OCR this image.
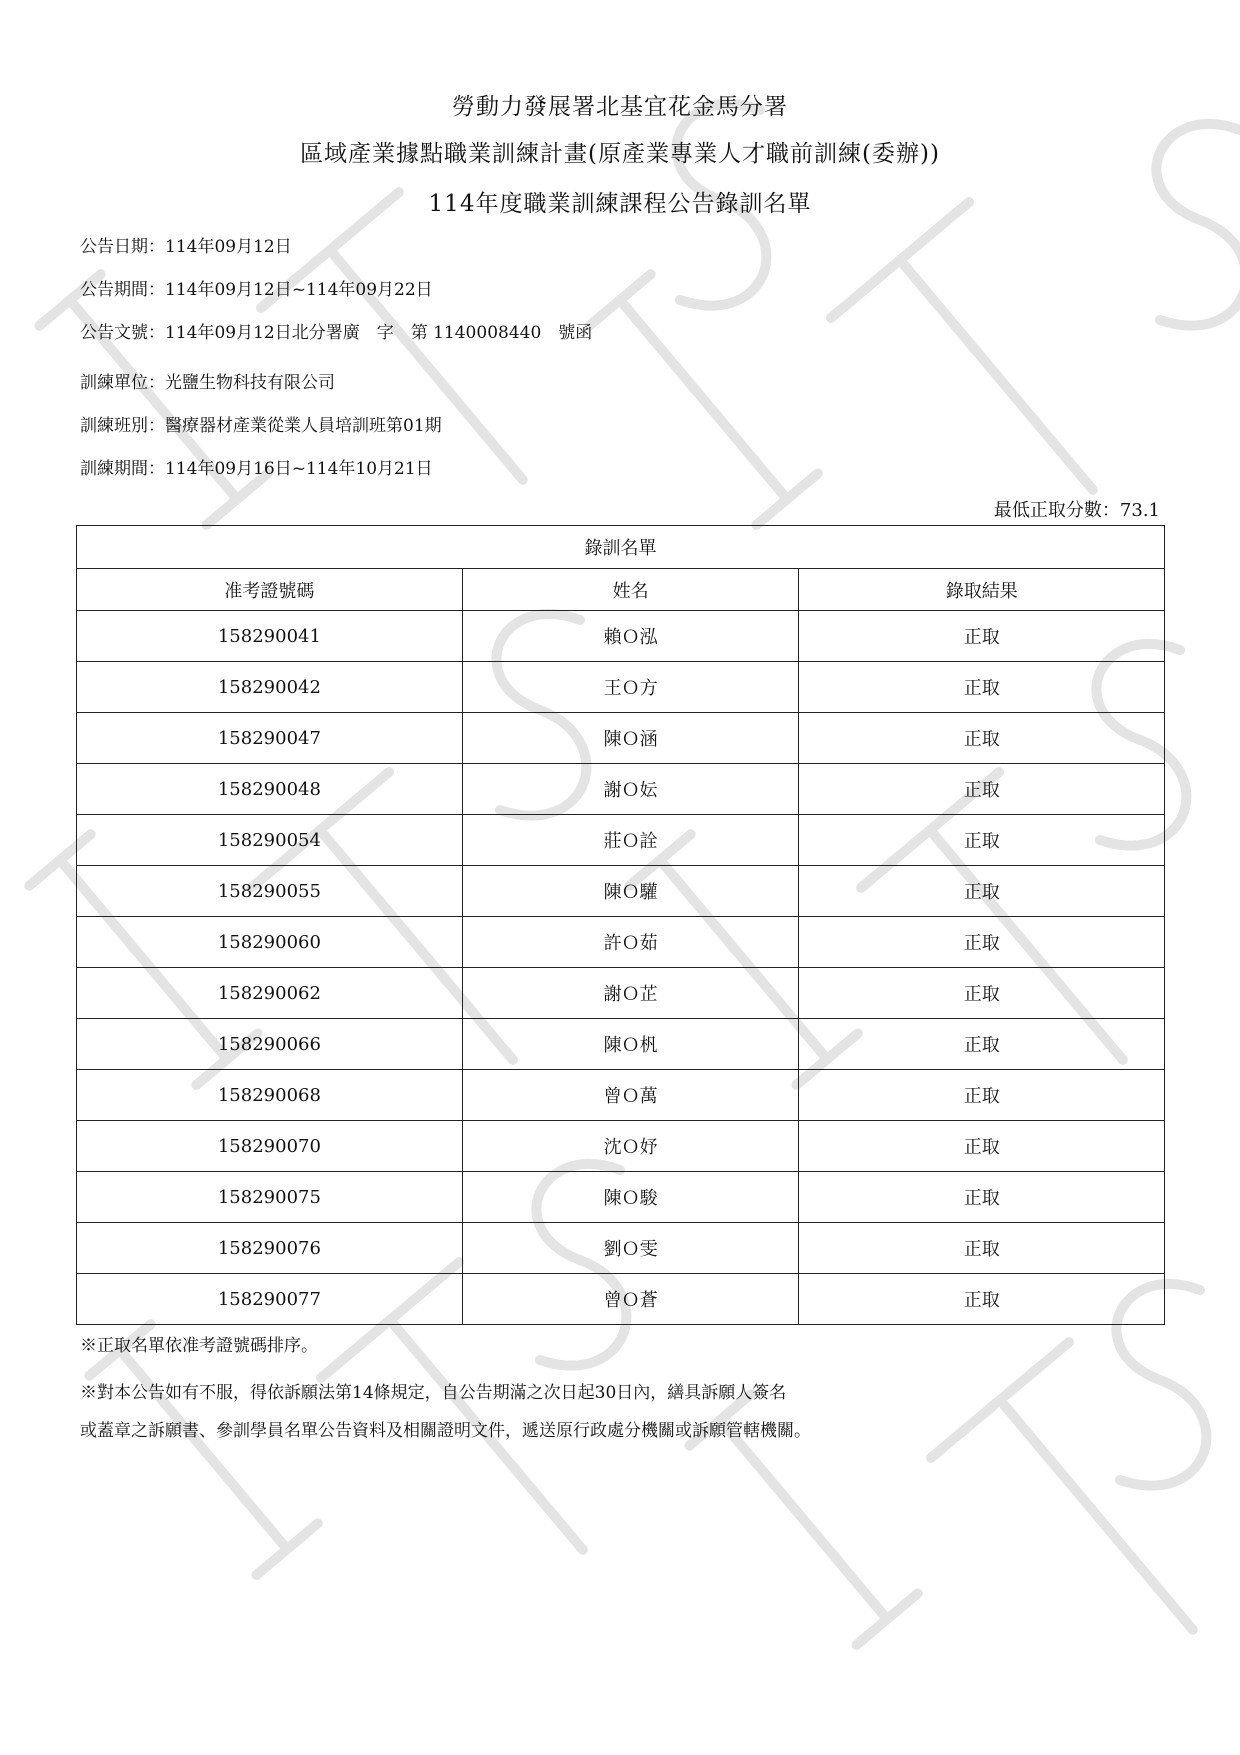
勞動力發展署北基宜花金馬分署
區域產業據點職業訓練計畫(原產業專業人才職前訓練(委辦))
114年度職業訓練課程公告錄訓名單
公告日期：114年09月12日
公告期間：114年09月12日~114年09月22日
公告文號：114年09月12日北分署廣　字　第 1140008440　號函
訓練單位：光鹽生物科技有限公司
訓練班別：醫療器材產業從業人員培訓班第01期
訓練期間：114年09月16日~114年10月21日
最低正取分數：73.1
錄訓名單		
准考證號碼	姓名	錄取結果
158290041	賴Ｏ泓	正取
158290042	王Ｏ方	正取
158290047	陳Ｏ涵	正取
158290048	謝Ｏ妘	正取
158290054	莊Ｏ詮	正取
158290055	陳Ｏ驩	正取
158290060	許Ｏ茹	正取
158290062	謝Ｏ芷	正取
158290066	陳Ｏ杋	正取
158290068	曾Ｏ萬	正取
158290070	沈Ｏ妤	正取
158290075	陳Ｏ駿	正取
158290076	劉Ｏ雯	正取
158290077	曾Ｏ蒼	正取
※正取名單依准考證號碼排序。
※對本公告如有不服，得依訴願法第14條規定，自公告期滿之次日起30日內，繕具訴願人簽名
或蓋章之訴願書、參訓學員名單公告資料及相關證明文件，遞送原行政處分機關或訴願管轄機關。
